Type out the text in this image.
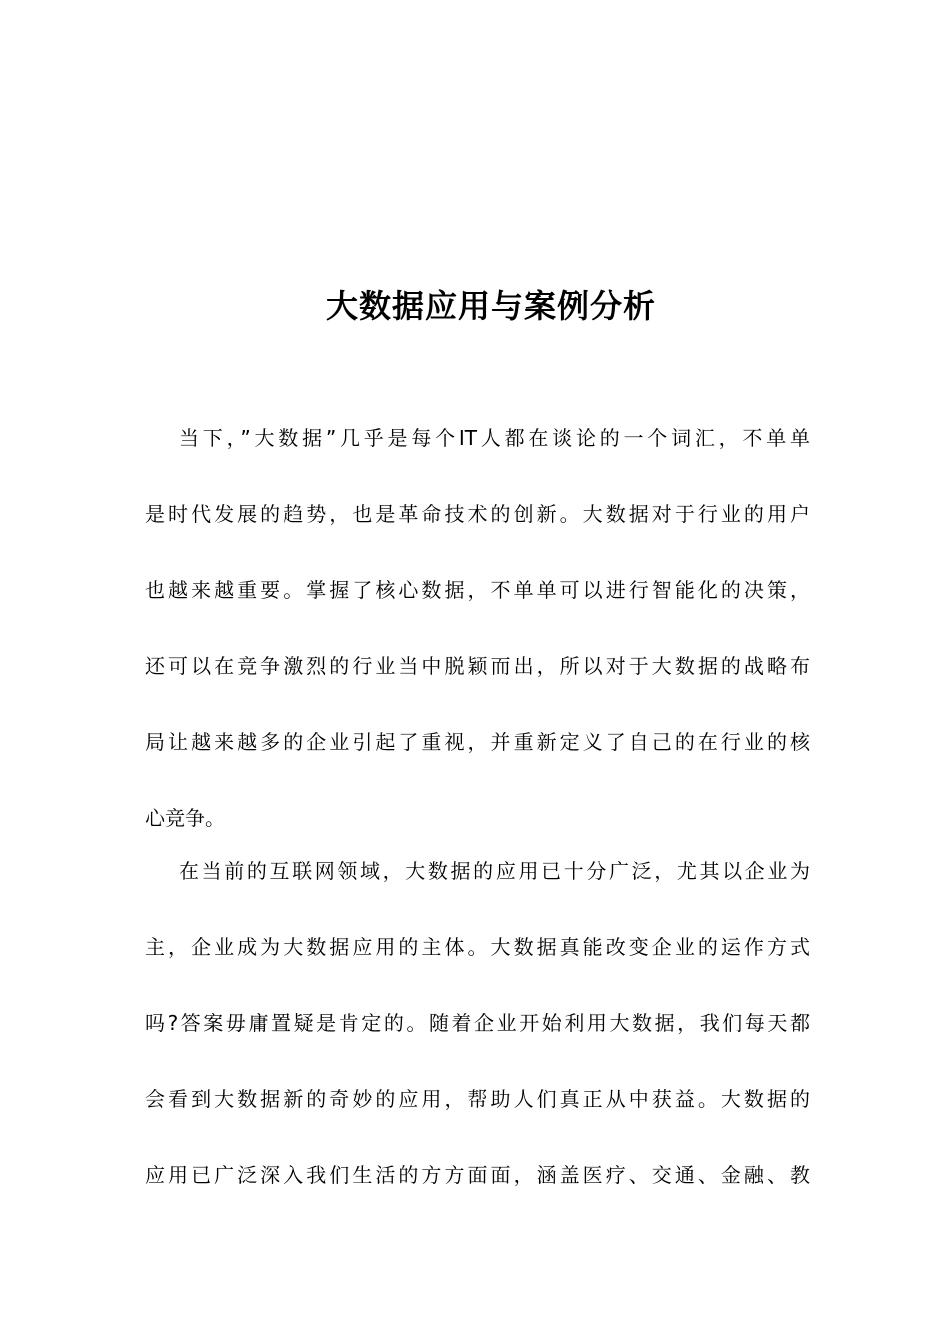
大数据应用与案例分析
当下，”大数据”几乎是每个IT人都在谈论的一个词汇，不单单
是时代发展的趋势，也是革命技术的创新。大数据对于行业的用户
也越来越重要。掌握了核心数据，不单单可以进行智能化的决策，
还可以在竞争激烈的行业当中脱颖而出，所以对于大数据的战略布
局让越来越多的企业引起了重视，并重新定义了自己的在行业的核
心竞争。
在当前的互联网领域，大数据的应用已十分广泛，尤其以企业为
主，企业成为大数据应用的主体。大数据真能改变企业的运作方式
吗?答案毋庸置疑是肯定的。随着企业开始利用大数据，我们每天都
会看到大数据新的奇妙的应用，帮助人们真正从中获益。大数据的
应用已广泛深入我们生活的方方面面，涵盖医疗、交通、金融、教
